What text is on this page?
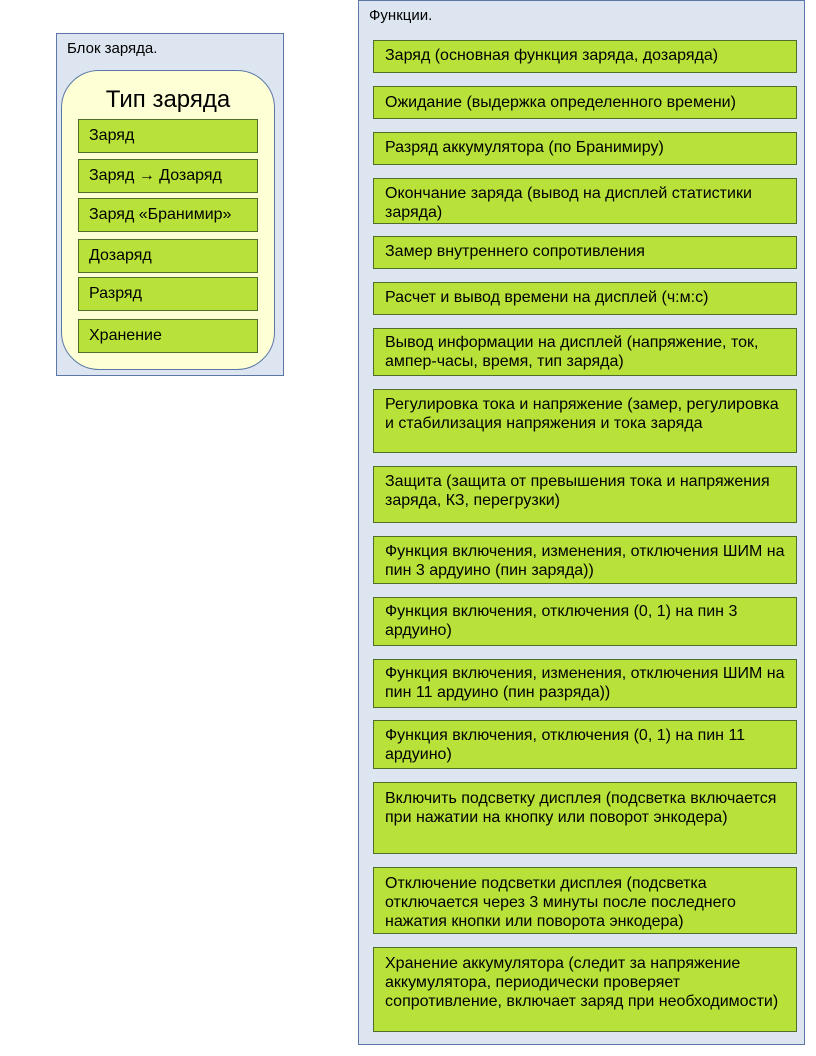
Блок заряда.
Тип заряда
Заряд
Заряд → Дозаряд
Заряд «Бранимир»
Дозаряд
Разряд
Хранение
Функции.
Заряд (основная функция заряда, дозаряда)
Ожидание (выдержка определенного времени)
Разряд аккумулятора (по Бранимиру)
Окончание заряда (вывод на дисплей статистики заряда)
Замер внутреннего сопротивления
Расчет и вывод времени на дисплей (ч:м:с)
Вывод информации на дисплей (напряжение, ток, ампер-часы, время, тип заряда)
Регулировка тока и напряжение (замер, регулировка и стабилизация напряжения и тока заряда
Защита (защита от превышения тока и напряжения заряда, КЗ, перегрузки)
Функция включения, изменения, отключения ШИМ на пин 3 ардуино (пин заряда))
Функция включения, отключения (0, 1) на пин 3 ардуино)
Функция включения, изменения, отключения ШИМ на пин 11 ардуино (пин разряда))
Функция включения, отключения (0, 1) на пин 11 ардуино)
Включить подсветку дисплея (подсветка включается при нажатии на кнопку или поворот энкодера)
Отключение подсветки дисплея (подсветка отключается через 3 минуты после последнего нажатия кнопки или поворота энкодера)
Хранение аккумулятора (следит за напряжение аккумулятора, периодически проверяет сопротивление, включает заряд при необходимости)
